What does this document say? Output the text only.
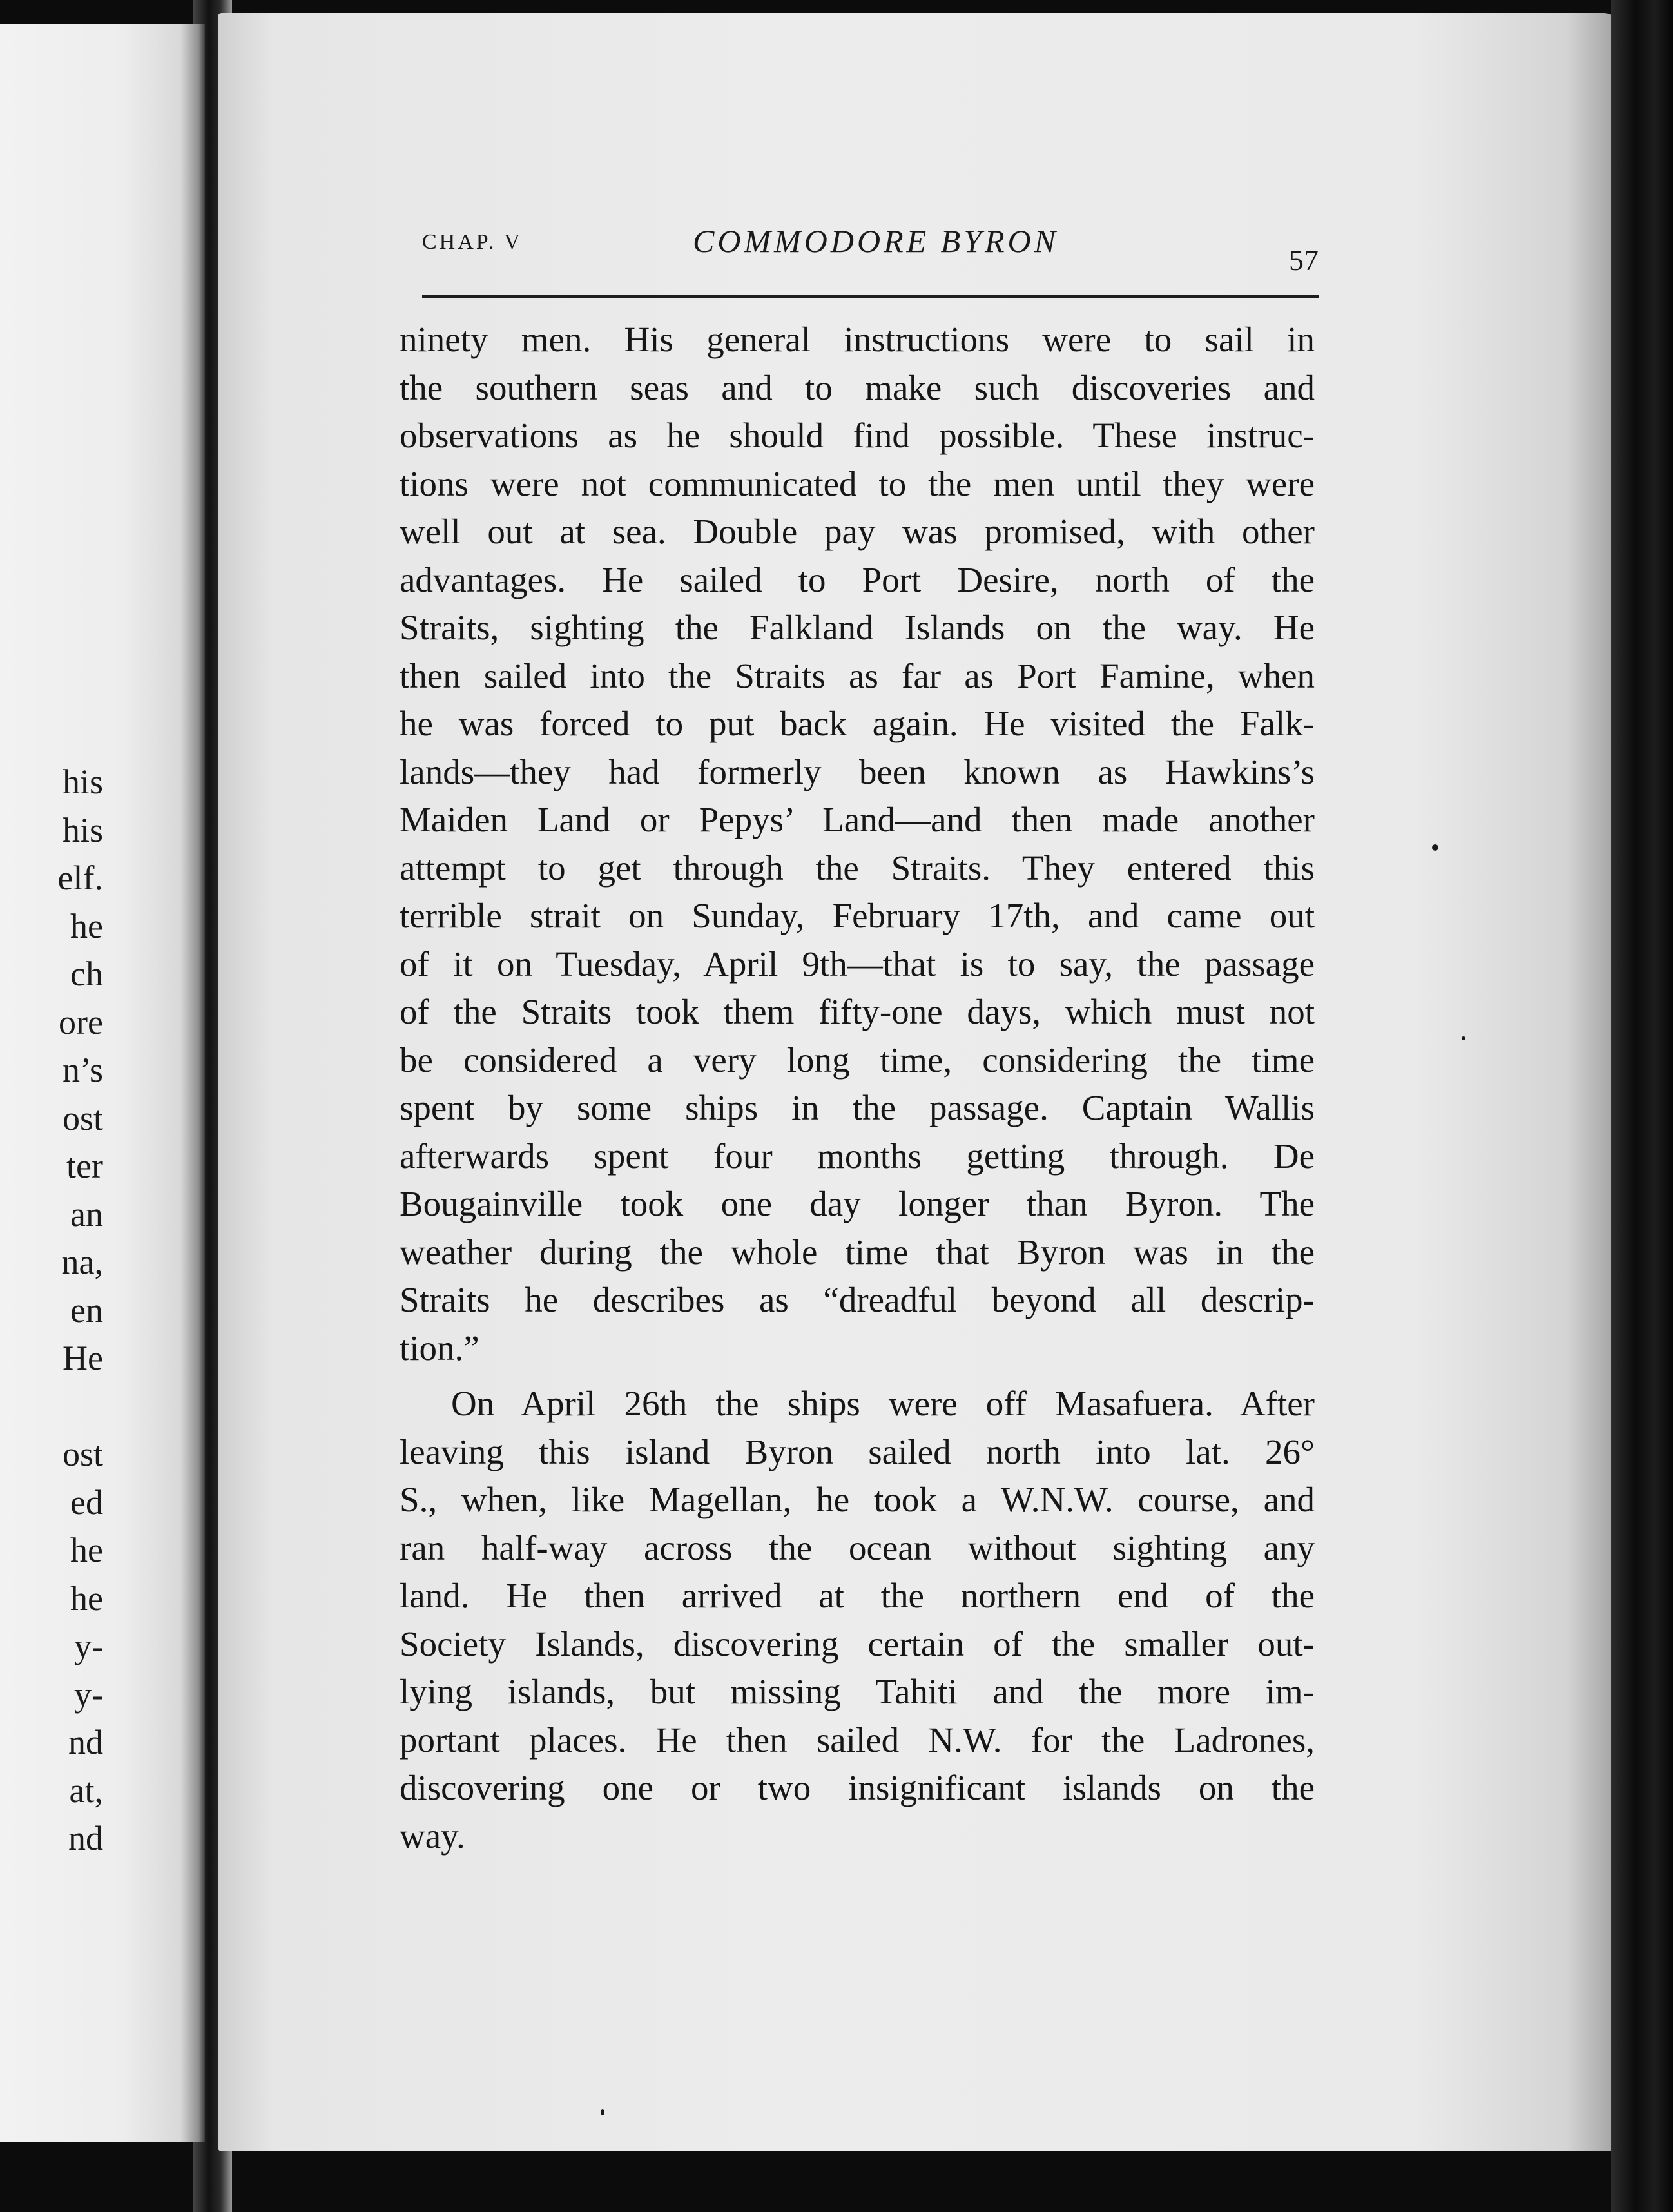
his
his
elf.
he
ch
ore
n’s
ost
ter
an
na,
en
He
ost
ed
he
he
y-
y-
nd
at,
nd
CHAP. V	COMMODORE BYRON
57
ninety men. His general instructions were to sail in
the southern seas and to make such discoveries and
observations as he should find possible. These instruc-
tions were not communicated to the men until they were
well out at sea. Double pay was promised, with other
advantages. He sailed to Port Desire, north of the
Straits, sighting the Falkland Islands on the way. He
then sailed into the Straits as far as Port Famine, when
he was forced to put back again. He visited the Falk-
lands—they had formerly been known as Hawkins’s
Maiden Land or Pepys’ Land—and then made another
attempt to get through the Straits. They entered this
terrible strait on Sunday, February 17th, and came out
of it on Tuesday, April 9th—that is to say, the passage
of the Straits took them fifty-one days, which must not
be considered a very long time, considering the time
spent by some ships in the passage. Captain Wallis
afterwards spent four months getting through. De
Bougainville took one day longer than Byron. The
weather during the whole time that Byron was in the
Straits he describes as “dreadful beyond all descrip-
tion.”
On April 26th the ships were off Masafuera. After
leaving this island Byron sailed north into lat. 26°
S., when, like Magellan, he took a W.N.W. course, and
ran half-way across the ocean without sighting any
land. He then arrived at the northern end of the
Society Islands, discovering certain of the smaller out-
lying islands, but missing Tahiti and the more im-
portant places. He then sailed N.W. for the Ladrones,
discovering one or two insignificant islands on the
way.
